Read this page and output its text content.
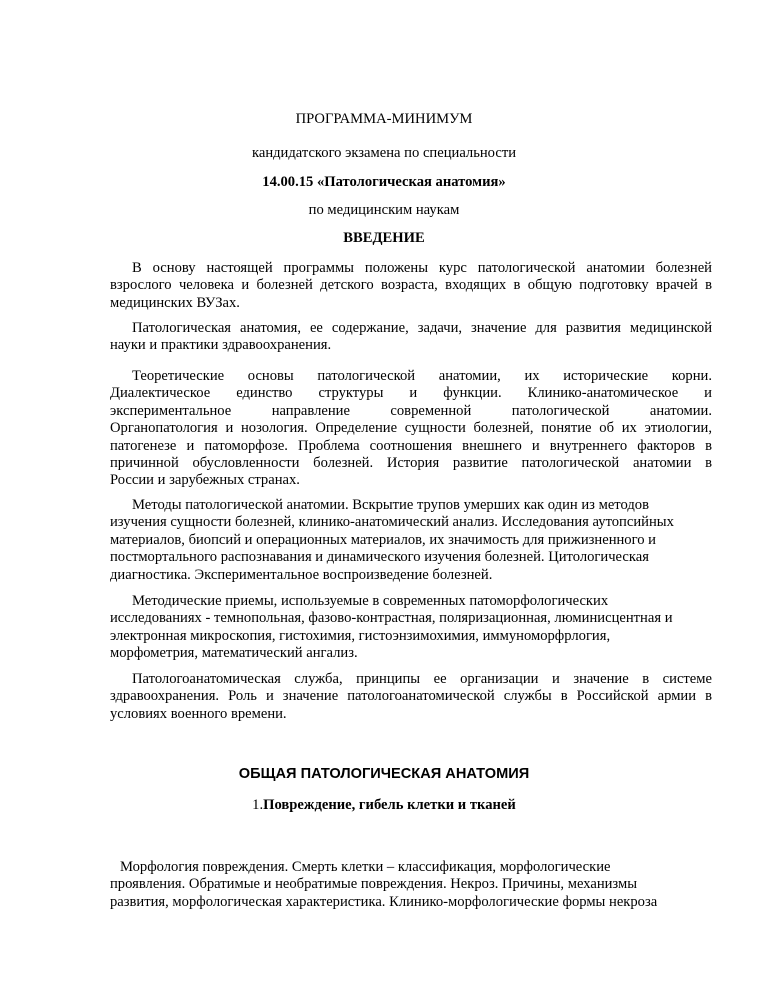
ПРОГРАММА-МИНИМУМ
кандидатского экзамена по специальности
14.00.15 «Патологическая анатомия»
по медицинским наукам
ВВЕДЕНИЕ
В основу настоящей программы положены курс патологической анатомии болезней
взрослого человека и болезней детского возраста, входящих в общую подготовку врачей в
медицинских ВУЗах.
Патологическая анатомия, ее содержание, задачи, значение для развития медицинской
науки и практики здравоохранения.
Теоретические основы патологической анатомии, их исторические корни.
Диалектическое единство структуры и функции. Клинико-анатомическое и
экспериментальное направление современной патологической анатомии.
Органопатология и нозология. Определение сущности болезней, понятие об их этиологии,
патогенезе и патоморфозе. Проблема соотношения внешнего и внутреннего факторов в
причинной обусловленности болезней. История развитие патологической анатомии в
России и зарубежных странах.
Методы патологической анатомии. Вскрытие трупов умерших как один из методов
изучения сущности болезней, клинико-анатомический анализ. Исследования аутопсийных
материалов, биопсий и операционных материалов, их значимость для прижизненного и
постмортального распознавания и динамического изучения болезней. Цитологическая
диагностика. Экспериментальное воспроизведение болезней.
Методические приемы, используемые в современных патоморфологических
исследованиях - темнопольная, фазово-контрастная, поляризационная, люминисцентная и
электронная микроскопия, гистохимия, гистоэнзимохимия, иммуноморфрлогия,
морфометрия, математический ангализ.
Патологоанатомическая служба, принципы ее организации и значение в системе
здравоохранения. Роль и значение патологоанатомической службы в Российской армии в
условиях военного времени.
ОБЩАЯ ПАТОЛОГИЧЕСКАЯ АНАТОМИЯ
1.Повреждение, гибель клетки и тканей
Морфология повреждения. Смерть клетки – классификация, морфологические
проявления. Обратимые и необратимые повреждения. Некроз. Причины, механизмы
развития, морфологическая характеристика. Клинико-морфологические формы некроза
